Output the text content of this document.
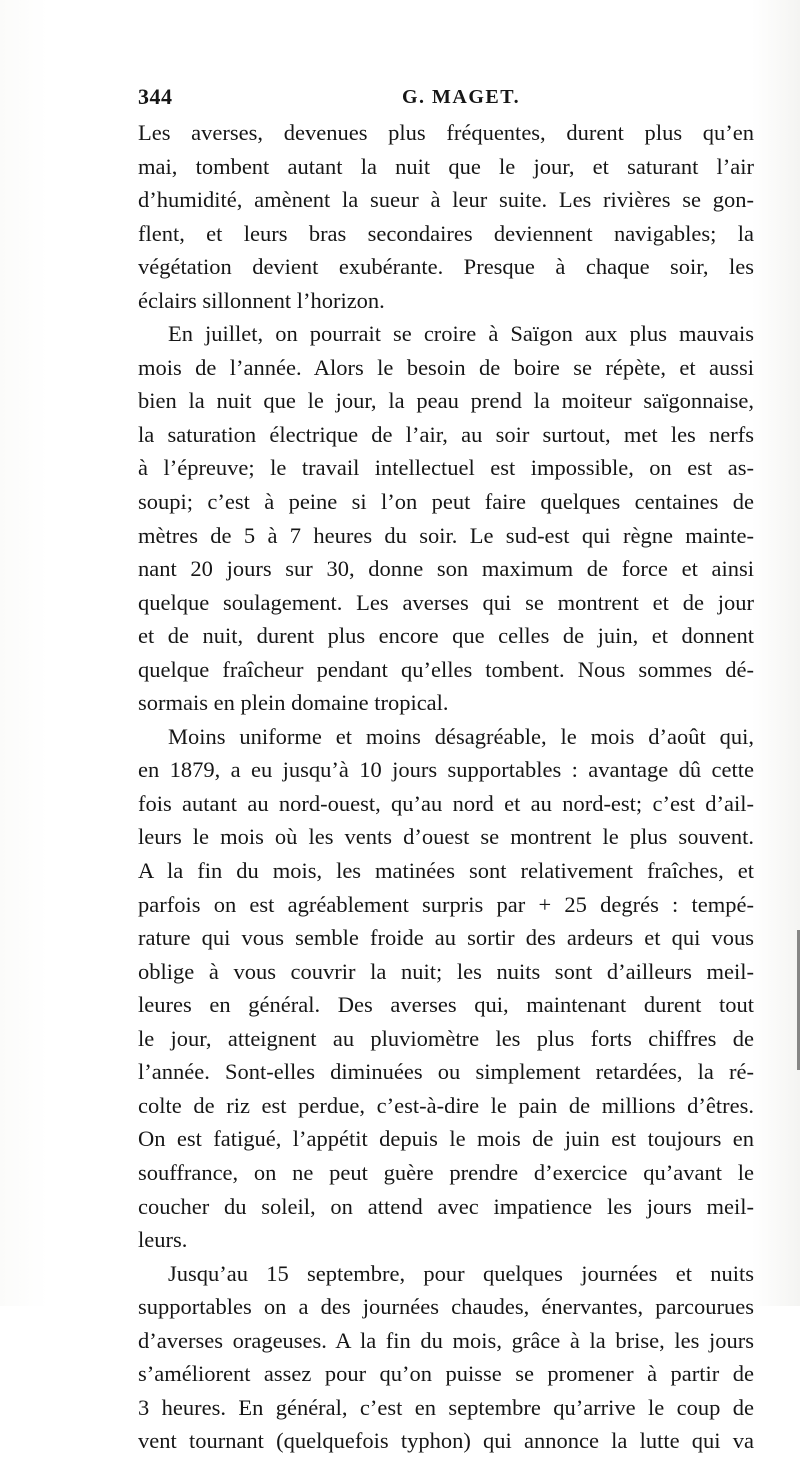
344	G. MAGET.
Les averses, devenues plus fréquentes, durent plus qu’en
mai, tombent autant la nuit que le jour, et saturant l’air
d’humidité, amènent la sueur à leur suite. Les rivières se gon-
flent, et leurs bras secondaires deviennent navigables; la
végétation devient exubérante. Presque à chaque soir, les
éclairs sillonnent l’horizon.
En juillet, on pourrait se croire à Saïgon aux plus mauvais
mois de l’année. Alors le besoin de boire se répète, et aussi
bien la nuit que le jour, la peau prend la moiteur saïgonnaise,
la saturation électrique de l’air, au soir surtout, met les nerfs
à l’épreuve; le travail intellectuel est impossible, on est as-
soupi; c’est à peine si l’on peut faire quelques centaines de
mètres de 5 à 7 heures du soir. Le sud-est qui règne mainte-
nant 20 jours sur 30, donne son maximum de force et ainsi
quelque soulagement. Les averses qui se montrent et de jour
et de nuit, durent plus encore que celles de juin, et donnent
quelque fraîcheur pendant qu’elles tombent. Nous sommes dé-
sormais en plein domaine tropical.
Moins uniforme et moins désagréable, le mois d’août qui,
en 1879, a eu jusqu’à 10 jours supportables : avantage dû cette
fois autant au nord-ouest, qu’au nord et au nord-est; c’est d’ail-
leurs le mois où les vents d’ouest se montrent le plus souvent.
A la fin du mois, les matinées sont relativement fraîches, et
parfois on est agréablement surpris par + 25 degrés : tempé-
rature qui vous semble froide au sortir des ardeurs et qui vous
oblige à vous couvrir la nuit; les nuits sont d’ailleurs meil-
leures en général. Des averses qui, maintenant durent tout
le jour, atteignent au pluviomètre les plus forts chiffres de
l’année. Sont-elles diminuées ou simplement retardées, la ré-
colte de riz est perdue, c’est-à-dire le pain de millions d’êtres.
On est fatigué, l’appétit depuis le mois de juin est toujours en
souffrance, on ne peut guère prendre d’exercice qu’avant le
coucher du soleil, on attend avec impatience les jours meil-
leurs.
Jusqu’au 15 septembre, pour quelques journées et nuits
supportables on a des journées chaudes, énervantes, parcourues
d’averses orageuses. A la fin du mois, grâce à la brise, les jours
s’améliorent assez pour qu’on puisse se promener à partir de
3 heures. En général, c’est en septembre qu’arrive le coup de
vent tournant (quelquefois typhon) qui annonce la lutte qui va
